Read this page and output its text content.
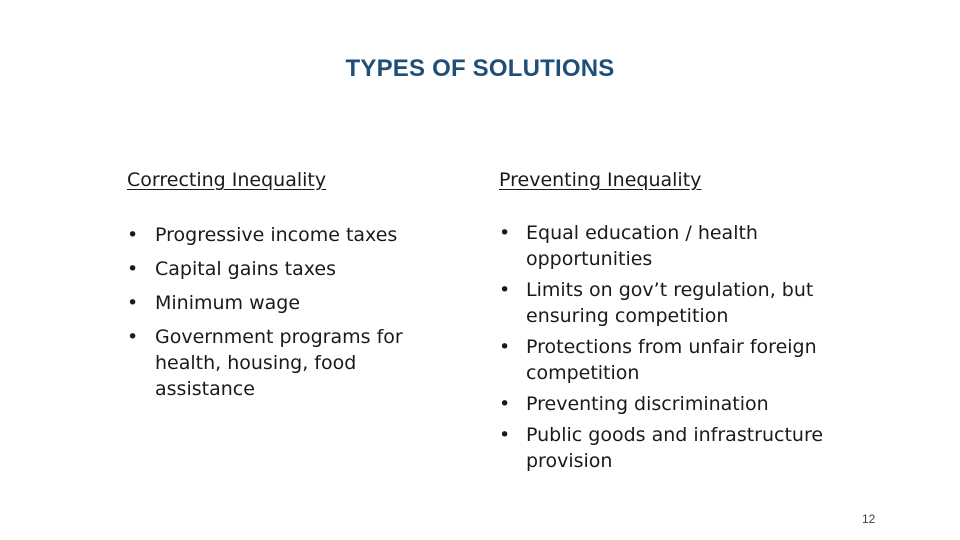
TYPES OF SOLUTIONS
Correcting Inequality
• Progressive income taxes
• Capital gains taxes
• Minimum wage
• Government programs for health, housing, food assistance
Preventing Inequality
• Equal education / health opportunities
• Limits on gov’t regulation, but ensuring competition
• Protections from unfair foreign competition
• Preventing discrimination
• Public goods and infrastructure provision
12
